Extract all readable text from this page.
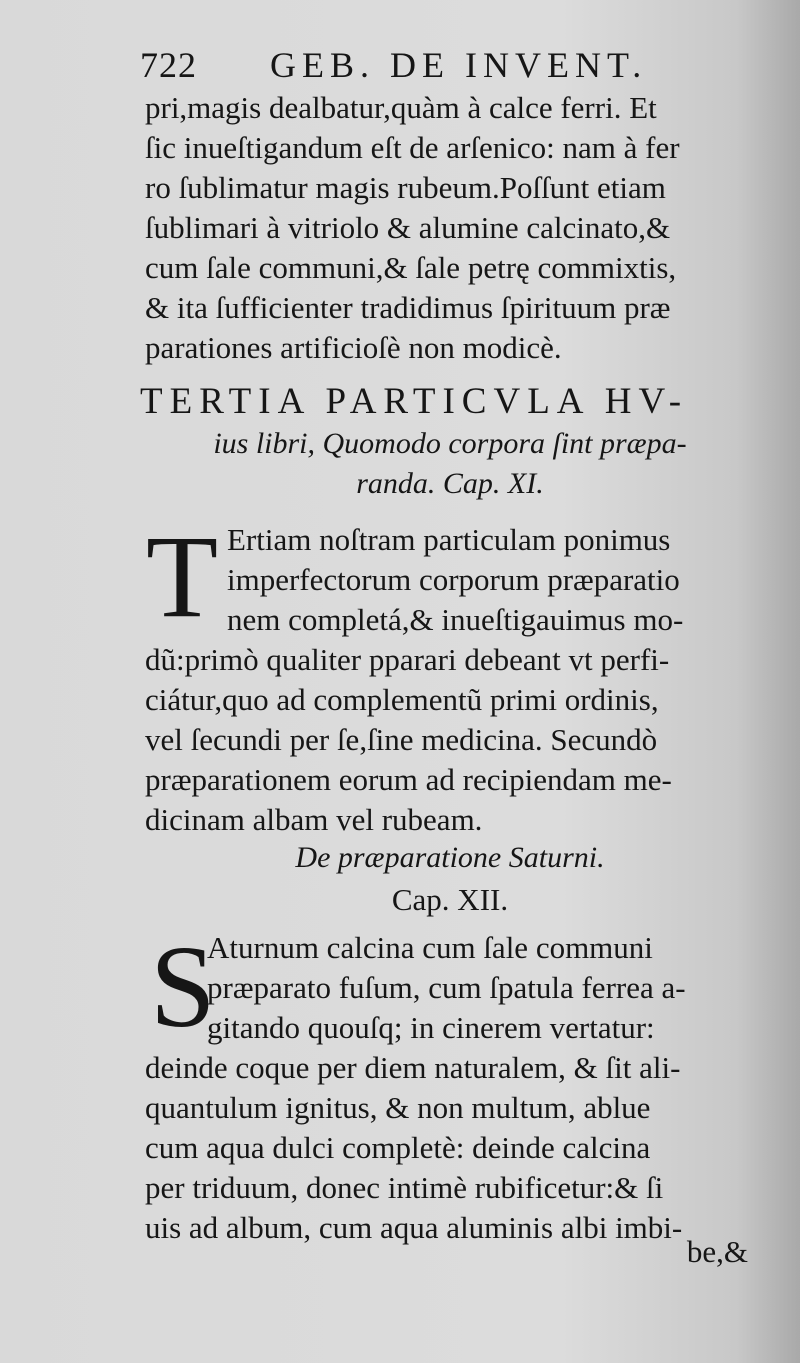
722 GEB. DE INVENT.
pri,magis dealbatur,quàm à calce ferri. Et
ſic inueſtigandum eſt de arſenico: nam à fer
ro ſublimatur magis rubeum.Poſſunt etiam
ſublimari à vitriolo & alumine calcinato,&
cum ſale communi,& ſale petrę commixtis,
& ita ſufficienter tradidimus ſpirituum præ
parationes artificioſè non modicè.
TERTIA PARTICVLA HV-
ius libri, Quomodo corpora ſint præpa-
randa. Cap. XI.
T Ertiam noſtram particulam ponimus
imperfectorum corporum præparatio
nem completá,& inueſtigauimus mo-
dũ:primò qualiter pparari debeant vt perfi-
ciátur,quo ad complementũ primi ordinis,
vel ſecundi per ſe,ſine medicina. Secundò
præparationem eorum ad recipiendam me-
dicinam albam vel rubeam.
De præparatione Saturni.
Cap. XII.
S
Aturnum calcina cum ſale communi
præparato fuſum, cum ſpatula ferrea a-
gitando quouſq; in cinerem vertatur:
deinde coque per diem naturalem, & ſit ali-
quantulum ignitus, & non multum, ablue
cum aqua dulci completè: deinde calcina
per triduum, donec intimè rubificetur:& ſi
uis ad album, cum aqua aluminis albi imbi-
be,&
